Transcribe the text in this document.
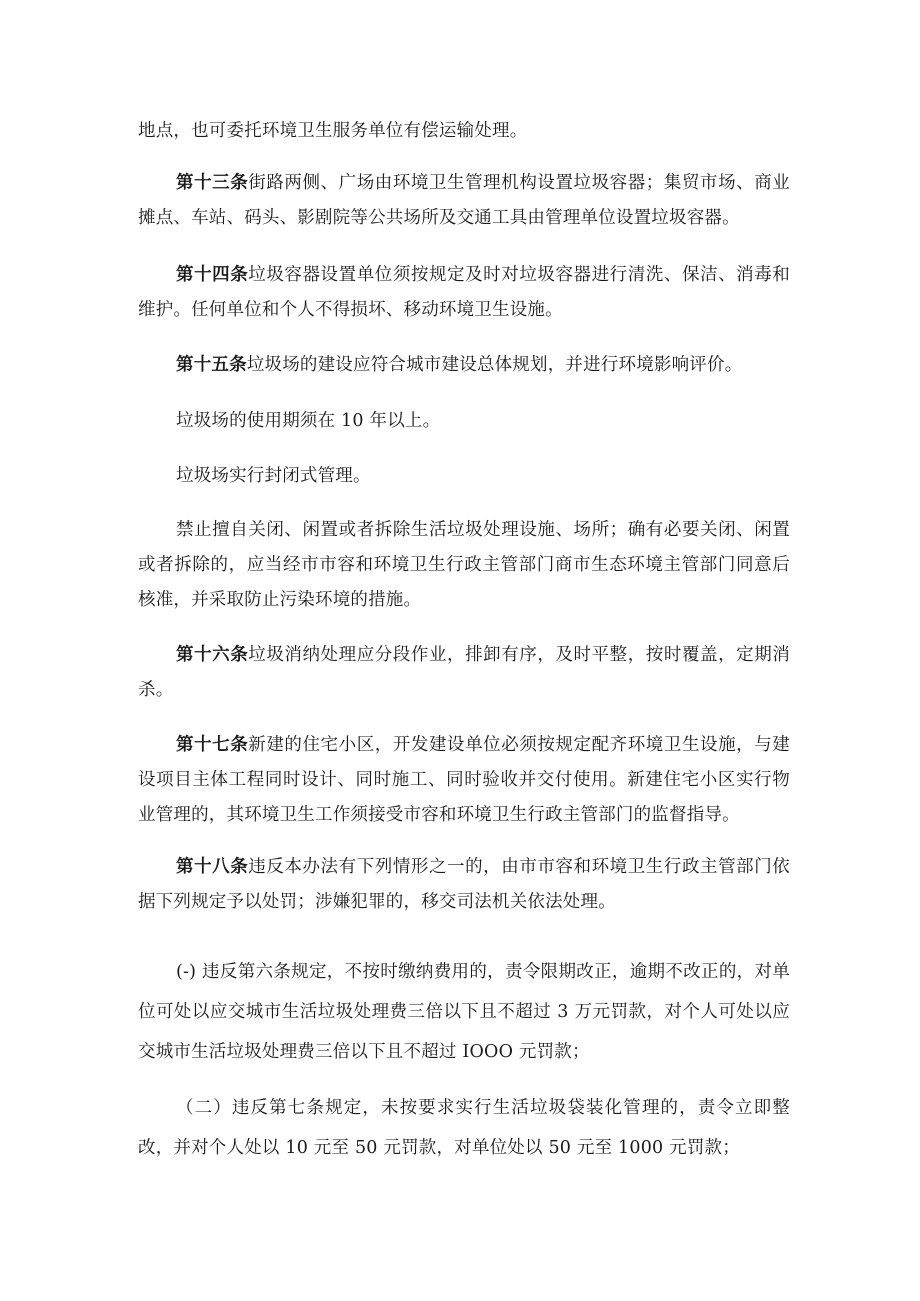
地点，也可委托环境卫生服务单位有偿运输处理。

第十三条街路两侧、广场由环境卫生管理机构设置垃圾容器；集贸市场、商业摊点、车站、码头、影剧院等公共场所及交通工具由管理单位设置垃圾容器。

第十四条垃圾容器设置单位须按规定及时对垃圾容器进行清洗、保洁、消毒和维护。任何单位和个人不得损坏、移动环境卫生设施。

第十五条垃圾场的建设应符合城市建设总体规划，并进行环境影响评价。

垃圾场的使用期须在 10 年以上。

垃圾场实行封闭式管理。

禁止擅自关闭、闲置或者拆除生活垃圾处理设施、场所；确有必要关闭、闲置或者拆除的，应当经市市容和环境卫生行政主管部门商市生态环境主管部门同意后核准，并采取防止污染环境的措施。

第十六条垃圾消纳处理应分段作业，排卸有序，及时平整，按时覆盖，定期消杀。

第十七条新建的住宅小区，开发建设单位必须按规定配齐环境卫生设施，与建设项目主体工程同时设计、同时施工、同时验收并交付使用。新建住宅小区实行物业管理的，其环境卫生工作须接受市容和环境卫生行政主管部门的监督指导。

第十八条违反本办法有下列情形之一的，由市市容和环境卫生行政主管部门依据下列规定予以处罚；涉嫌犯罪的，移交司法机关依法处理。

(-) 违反第六条规定，不按时缴纳费用的，责令限期改正，逾期不改正的，对单位可处以应交城市生活垃圾处理费三倍以下且不超过 3 万元罚款，对个人可处以应交城市生活垃圾处理费三倍以下且不超过 IOOO 元罚款；

（二）违反第七条规定，未按要求实行生活垃圾袋装化管理的，责令立即整改，并对个人处以 10 元至 50 元罚款，对单位处以 50 元至 1000 元罚款；
